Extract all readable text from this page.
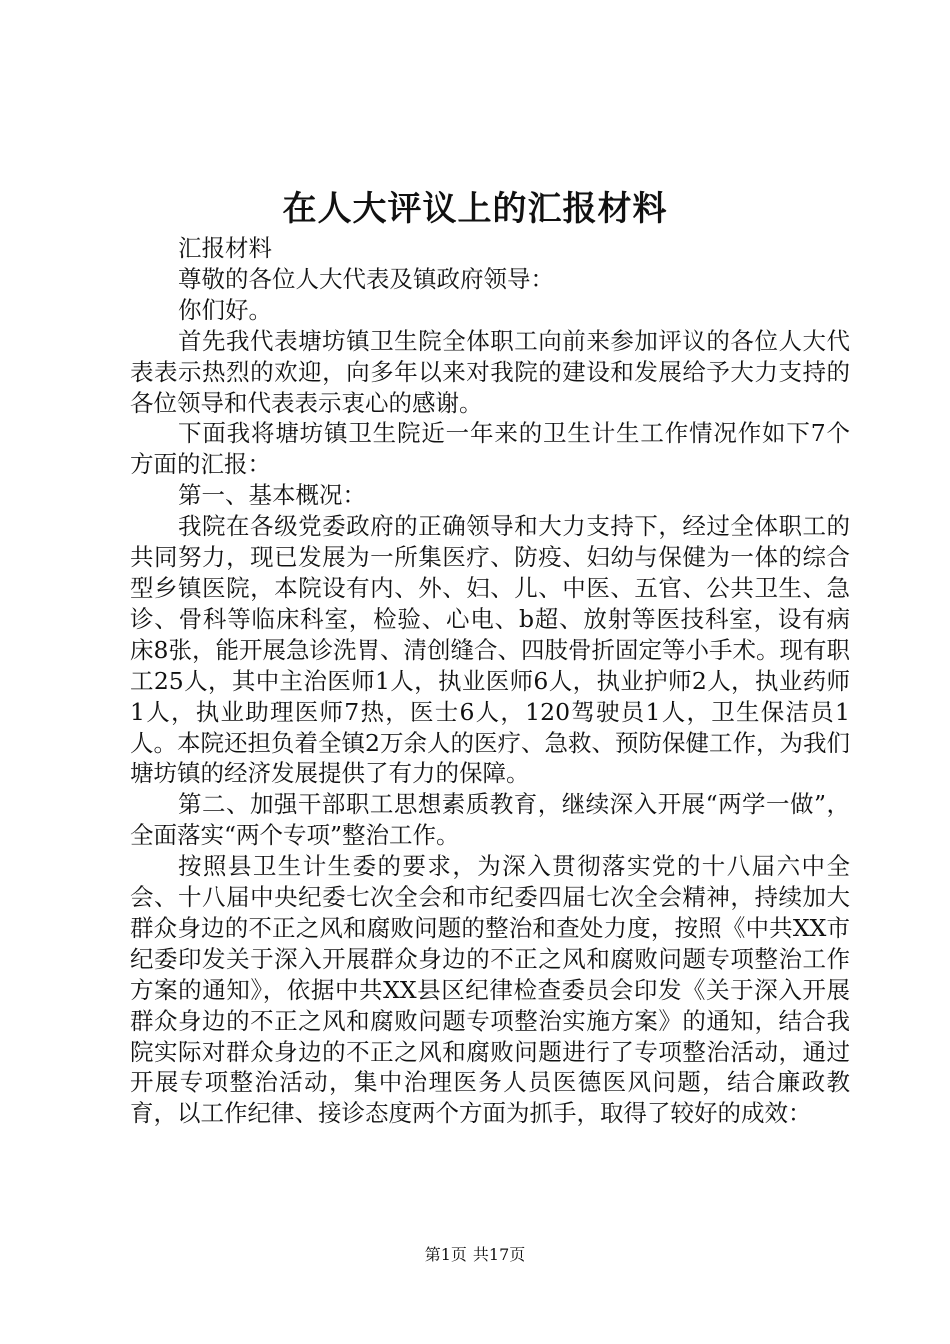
在人大评议上的汇报材料

汇报材料

尊敬的各位人大代表及镇政府领导：

你们好。

首先我代表塘坊镇卫生院全体职工向前来参加评议的各位人大代表表示热烈的欢迎，向多年以来对我院的建设和发展给予大力支持的各位领导和代表表示衷心的感谢。

下面我将塘坊镇卫生院近一年来的卫生计生工作情况作如下7个方面的汇报：

第一、基本概况：

我院在各级党委政府的正确领导和大力支持下，经过全体职工的共同努力，现已发展为一所集医疗、防疫、妇幼与保健为一体的综合型乡镇医院，本院设有内、外、妇、儿、中医、五官、公共卫生、急诊、骨科等临床科室，检验、心电、b超、放射等医技科室，设有病床8张，能开展急诊洗胃、清创缝合、四肢骨折固定等小手术。现有职工25人，其中主治医师1人，执业医师6人，执业护师2人，执业药师1人，执业助理医师7热，医士6人，120驾驶员1人，卫生保洁员1人。本院还担负着全镇2万余人的医疗、急救、预防保健工作，为我们塘坊镇的经济发展提供了有力的保障。

第二、加强干部职工思想素质教育，继续深入开展“两学一做”，全面落实“两个专项”整治工作。

按照县卫生计生委的要求，为深入贯彻落实党的十八届六中全会、十八届中央纪委七次全会和市纪委四届七次全会精神，持续加大群众身边的不正之风和腐败问题的整治和查处力度，按照《中共XX市纪委印发关于深入开展群众身边的不正之风和腐败问题专项整治工作方案的通知》，依据中共XX县区纪律检查委员会印发《关于深入开展群众身边的不正之风和腐败问题专项整治实施方案》的通知，结合我院实际对群众身边的不正之风和腐败问题进行了专项整治活动，通过开展专项整治活动，集中治理医务人员医德医风问题，结合廉政教育，以工作纪律、接诊态度两个方面为抓手，取得了较好的成效：

第1页 共17页
